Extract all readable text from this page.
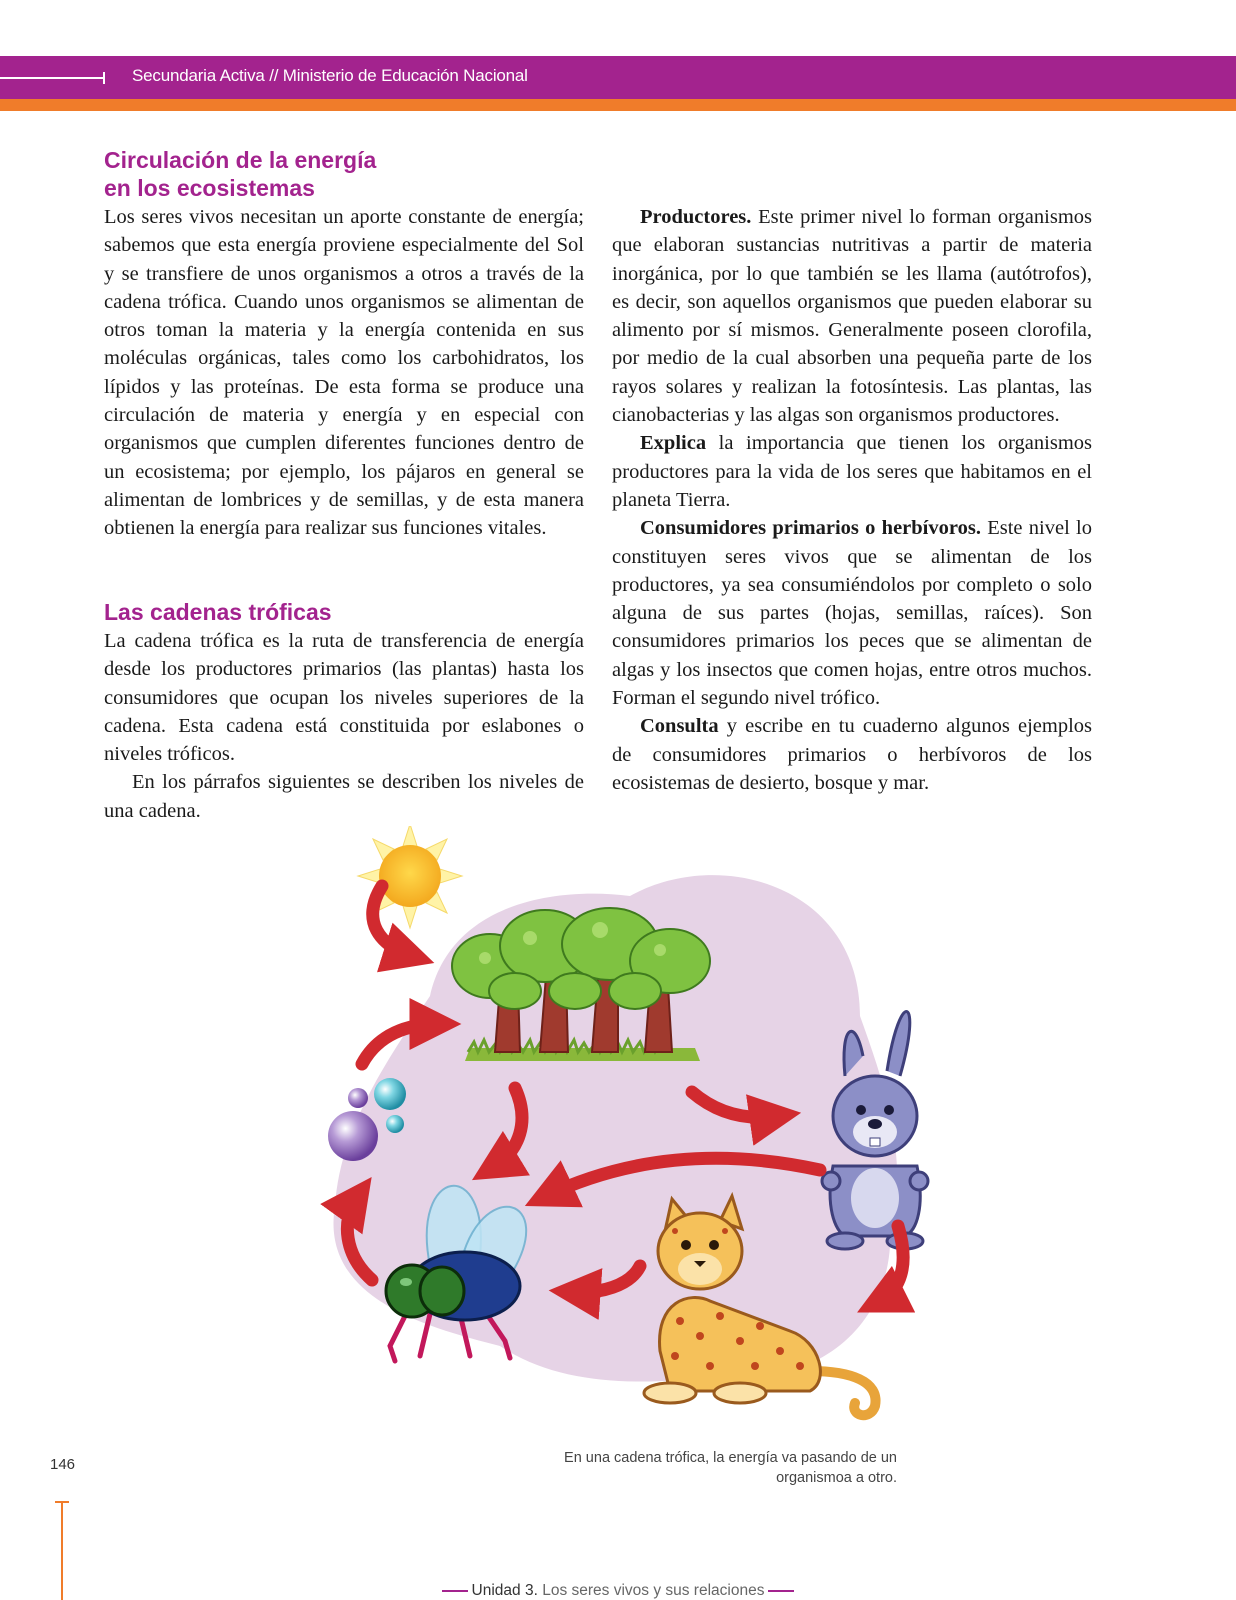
Secundaria Activa // Ministerio de Educación Nacional
Circulación de la energía
en los ecosistemas

Los seres vivos necesitan un aporte constante de energía; sabemos que esta energía proviene especialmente del Sol y se transfiere de unos organismos a otros a través de la cadena trófica. Cuando unos organismos se alimentan de otros toman la materia y la energía contenida en sus moléculas orgánicas, tales como los carbohidratos, los lípidos y las proteínas. De esta forma se produce una circulación de materia y energía y en especial con organismos que cumplen diferentes funciones dentro de un ecosistema; por ejemplo, los pájaros en general se alimentan de lombrices y de semillas, y de esta manera obtienen la energía para realizar sus funciones vitales.

Las cadenas tróficas

La cadena trófica es la ruta de transferencia de energía desde los productores primarios (las plantas) hasta los consumidores que ocupan los niveles superiores de la cadena. Esta cadena está constituida por eslabones o niveles tróficos.

En los párrafos siguientes se describen los niveles de una cadena.

Productores. Este primer nivel lo forman organismos que elaboran sustancias nutritivas a partir de materia inorgánica, por lo que también se les llama (autótrofos), es decir, son aquellos organismos que pueden elaborar su alimento por sí mismos. Generalmente poseen clorofila, por medio de la cual absorben una pequeña parte de los rayos solares y realizan la fotosíntesis. Las plantas, las cianobacterias y las algas son organismos productores.

Explica la importancia que tienen los organismos productores para la vida de los seres que habitamos en el planeta Tierra.

Consumidores primarios o herbívoros. Este nivel lo constituyen seres vivos que se alimentan de los productores, ya sea consumiéndolos por completo o solo alguna de sus partes (hojas, semillas, raíces). Son consumidores primarios los peces que se alimentan de algas y los insectos que comen hojas, entre otros muchos. Forman el segundo nivel trófico.

Consulta y escribe en tu cuaderno algunos ejemplos de consumidores primarios o herbívoros de los ecosistemas de desierto, bosque y mar.

En una cadena trófica, la energía va pasando de un organismoa a otro.
146
Unidad 3. Los seres vivos y sus relaciones
